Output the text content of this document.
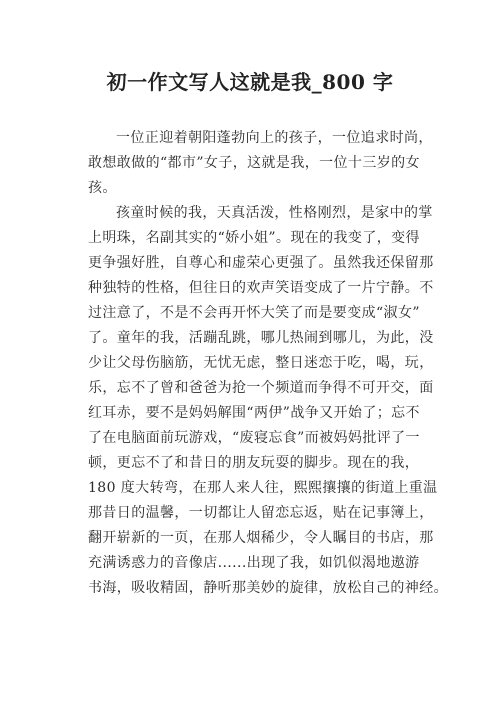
初一作文写人这就是我_800 字
一位正迎着朝阳蓬勃向上的孩子，一位追求时尚，
敢想敢做的“都市”女子，这就是我，一位十三岁的女
孩。
孩童时候的我，天真活泼，性格刚烈，是家中的掌
上明珠，名副其实的“娇小姐”。现在的我变了，变得
更争强好胜，自尊心和虚荣心更强了。虽然我还保留那
种独特的性格，但往日的欢声笑语变成了一片宁静。不
过注意了，不是不会再开怀大笑了而是要变成“淑女”
了。童年的我，活蹦乱跳，哪儿热闹到哪儿，为此，没
少让父母伤脑筋，无忧无虑，整日迷恋于吃，喝，玩，
乐，忘不了曾和爸爸为抢一个频道而争得不可开交，面
红耳赤，要不是妈妈解围“两伊”战争又开始了；忘不
了在电脑面前玩游戏，“废寝忘食”而被妈妈批评了一
顿，更忘不了和昔日的朋友玩耍的脚步。现在的我，
180 度大转弯，在那人来人往，熙熙攘攘的街道上重温
那昔日的温馨，一切都让人留恋忘返，贴在记事簿上，
翻开崭新的一页，在那人烟稀少，令人瞩目的书店，那
充满诱惑力的音像店......出现了我，如饥似渴地遨游
书海，吸收精固，静听那美妙的旋律，放松自己的神经。
